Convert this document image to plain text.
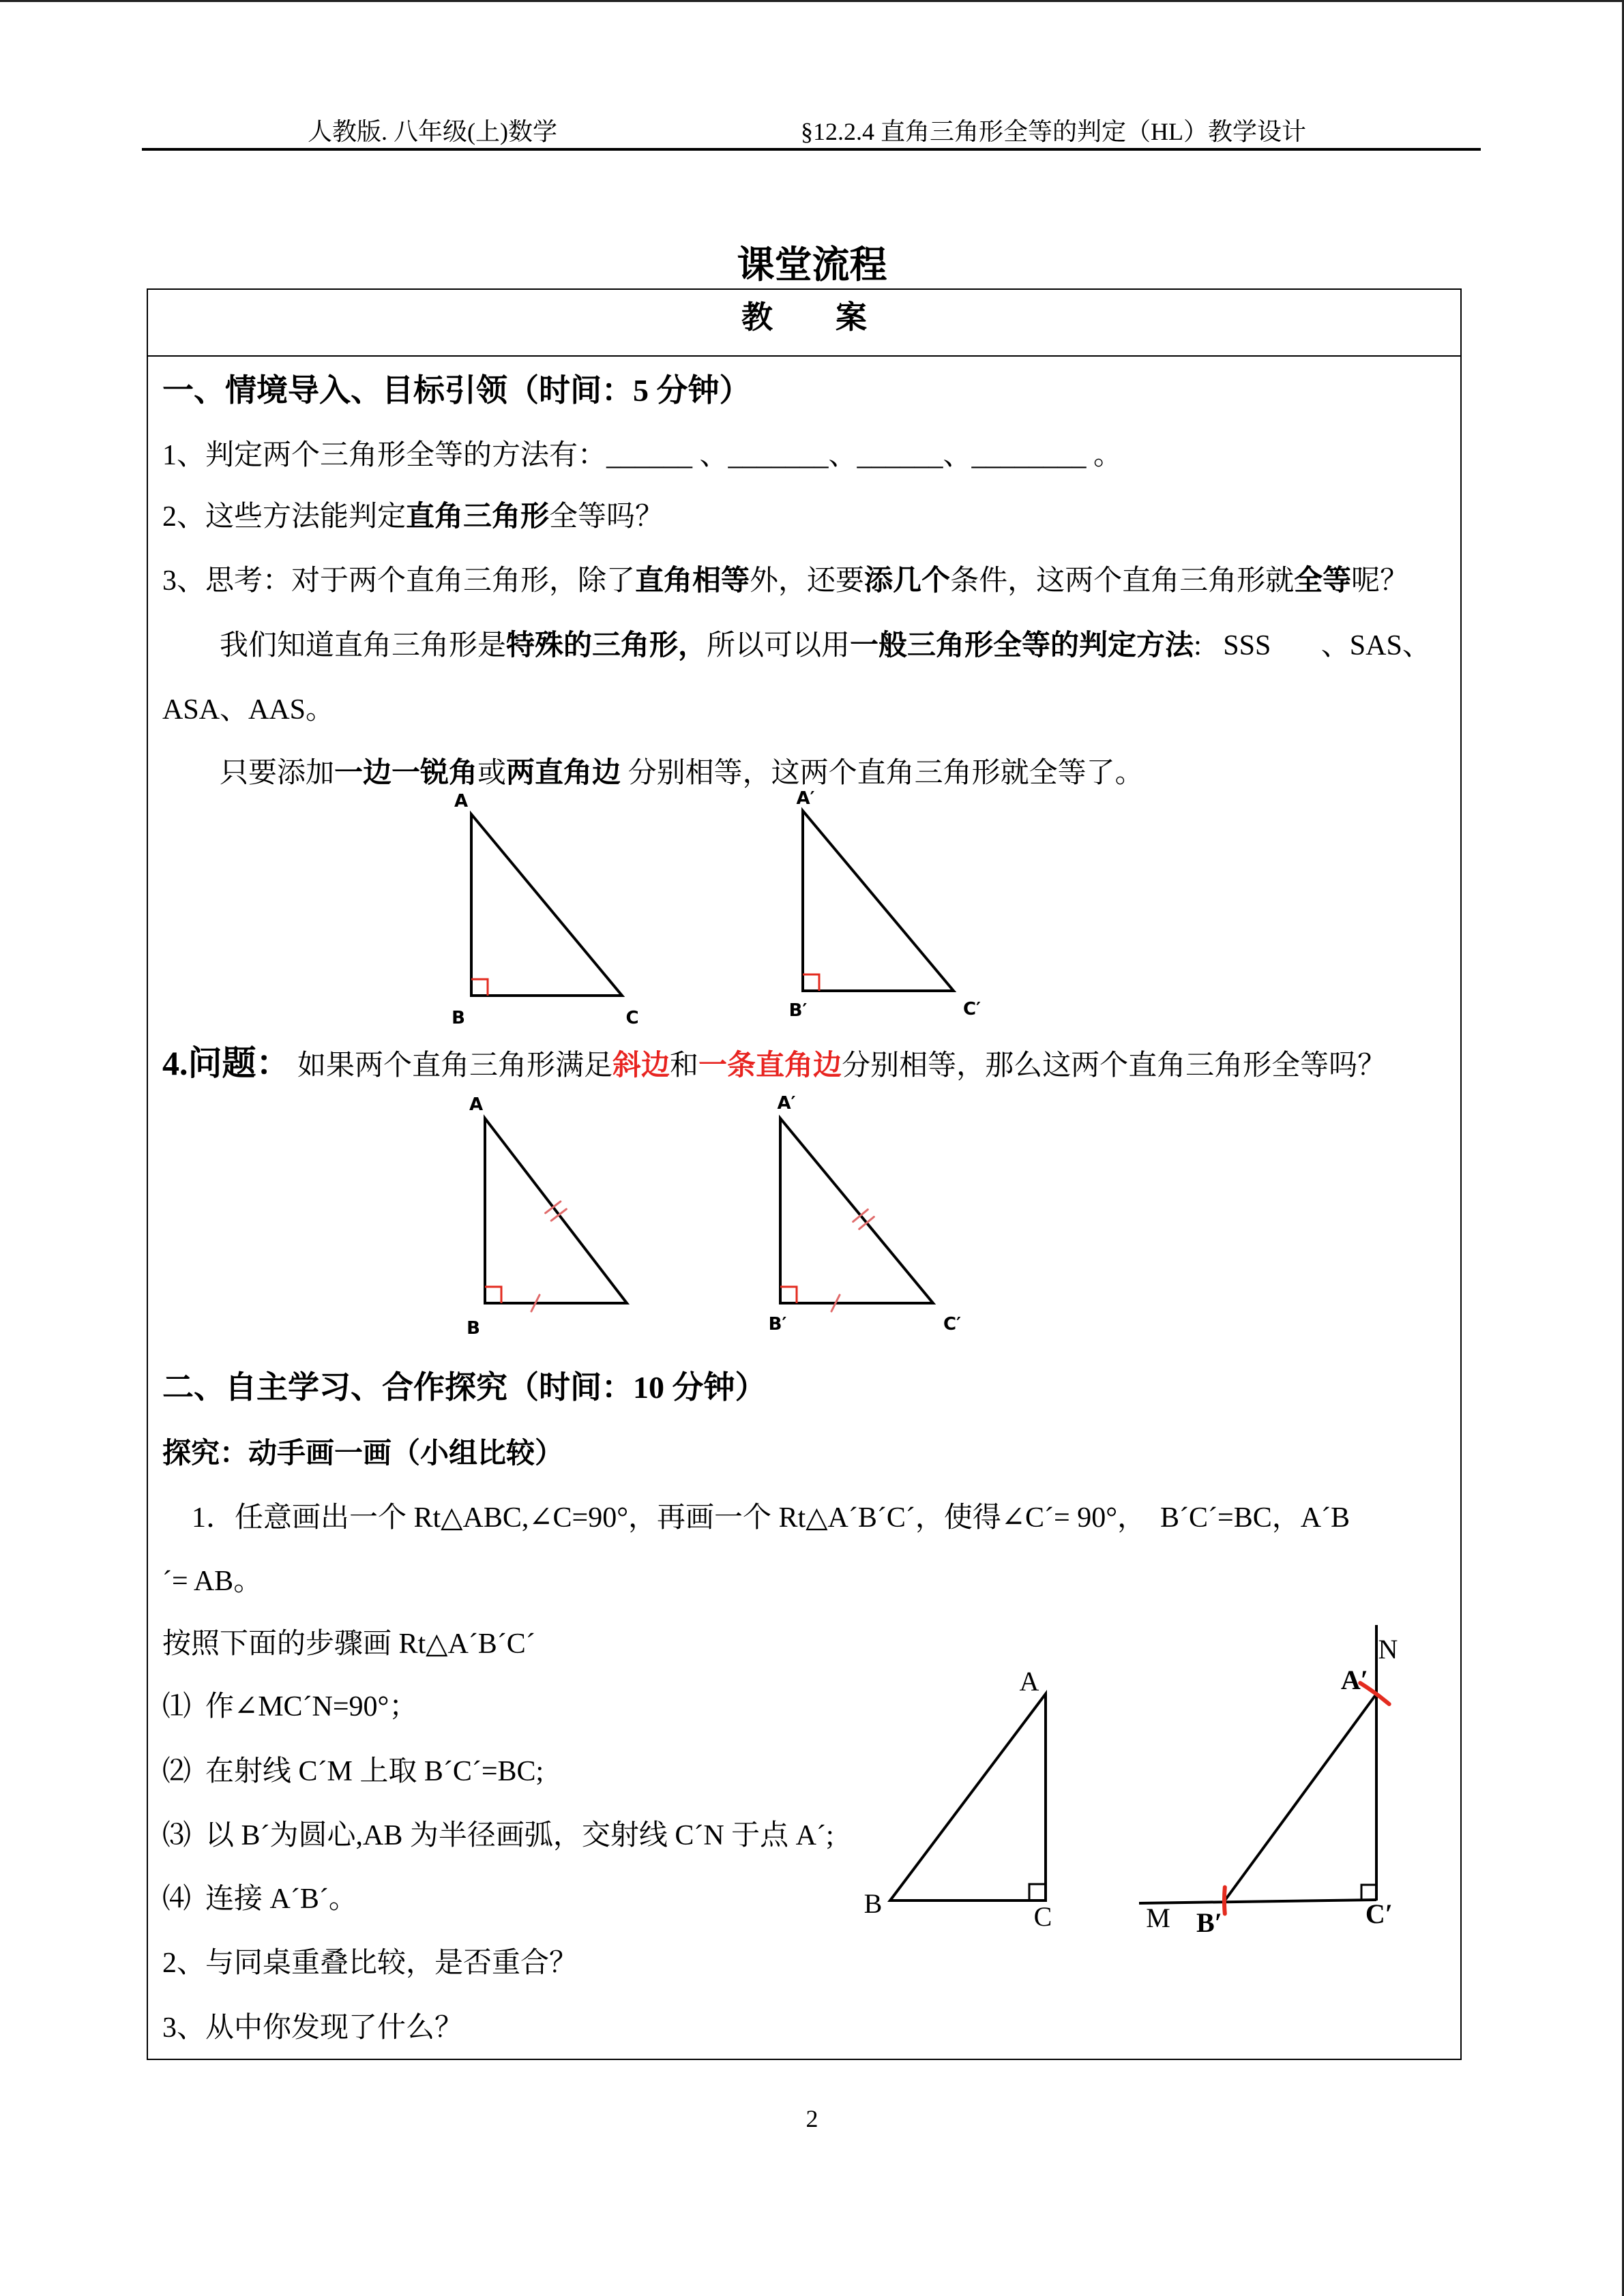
人教版. 八年级(上)数学	§12.2.4 直角三角形全等的判定（HL）教学设计
课堂流程
教　　案
一、情境导入、目标引领（时间：5 分钟）
1、判定两个三角形全等的方法有：______ 、_______、______、________ 。
2、这些方法能判定直角三角形全等吗？
3、思考：对于两个直角三角形，除了直角相等外，还要添几个条件，这两个直角三角形就全等呢？
我们知道直角三角形是特殊的三角形，所以可以用一般三角形全等的判定方法:   SSS       、SAS、
ASA、AAS。
只要添加一边一锐角或两直角边 分别相等，这两个直角三角形就全等了。
4.问题： 如果两个直角三角形满足斜边和一条直角边分别相等，那么这两个直角三角形全等吗？
二、自主学习、合作探究（时间：10 分钟）
探究：动手画一画（小组比较）
1．任意画出一个 Rt△ABC,∠C=90°，再画一个 Rt△A´B´C´，使得∠C´= 90°，  B´C´=BC，A´B
´= AB。
按照下面的步骤画 Rt△A´B´C´
⑴  作∠MC´N=90°；
⑵  在射线 C´M 上取 B´C´=BC;
⑶  以 B´为圆心,AB 为半径画弧，交射线 C´N 于点 A´;
⑷  连接 A´B´。
2、与同桌重叠比较，是否重合？
3、从中你发现了什么？
2
A
B	C
A′
B′	C′
A
B
A′
B′	C′
A
B	C
N
A′
M B′	C′
